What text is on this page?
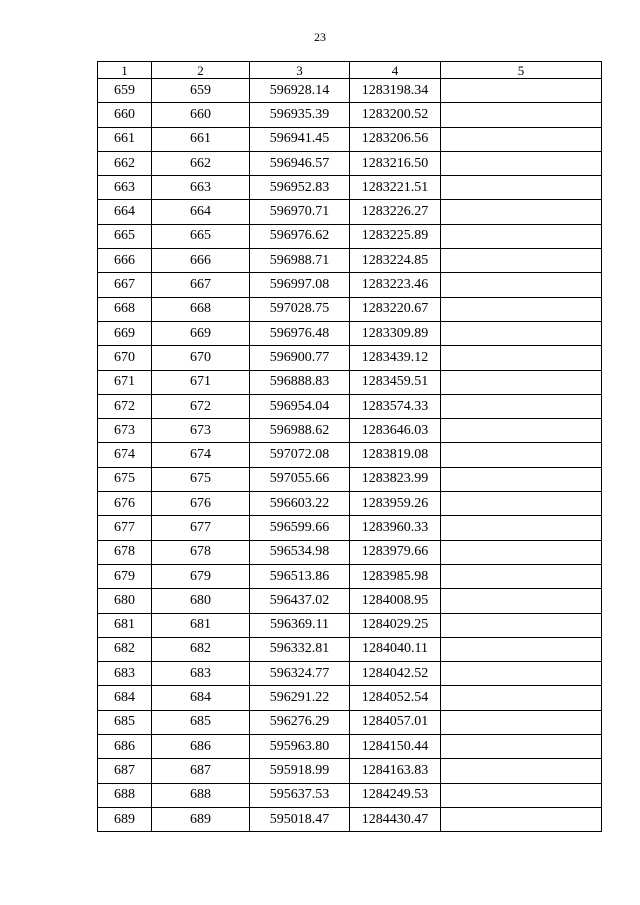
23
1	2	3	4	5
659	659	596928.14	1283198.34	
660	660	596935.39	1283200.52	
661	661	596941.45	1283206.56	
662	662	596946.57	1283216.50	
663	663	596952.83	1283221.51	
664	664	596970.71	1283226.27	
665	665	596976.62	1283225.89	
666	666	596988.71	1283224.85	
667	667	596997.08	1283223.46	
668	668	597028.75	1283220.67	
669	669	596976.48	1283309.89	
670	670	596900.77	1283439.12	
671	671	596888.83	1283459.51	
672	672	596954.04	1283574.33	
673	673	596988.62	1283646.03	
674	674	597072.08	1283819.08	
675	675	597055.66	1283823.99	
676	676	596603.22	1283959.26	
677	677	596599.66	1283960.33	
678	678	596534.98	1283979.66	
679	679	596513.86	1283985.98	
680	680	596437.02	1284008.95	
681	681	596369.11	1284029.25	
682	682	596332.81	1284040.11	
683	683	596324.77	1284042.52	
684	684	596291.22	1284052.54	
685	685	596276.29	1284057.01	
686	686	595963.80	1284150.44	
687	687	595918.99	1284163.83	
688	688	595637.53	1284249.53	
689	689	595018.47	1284430.47	
